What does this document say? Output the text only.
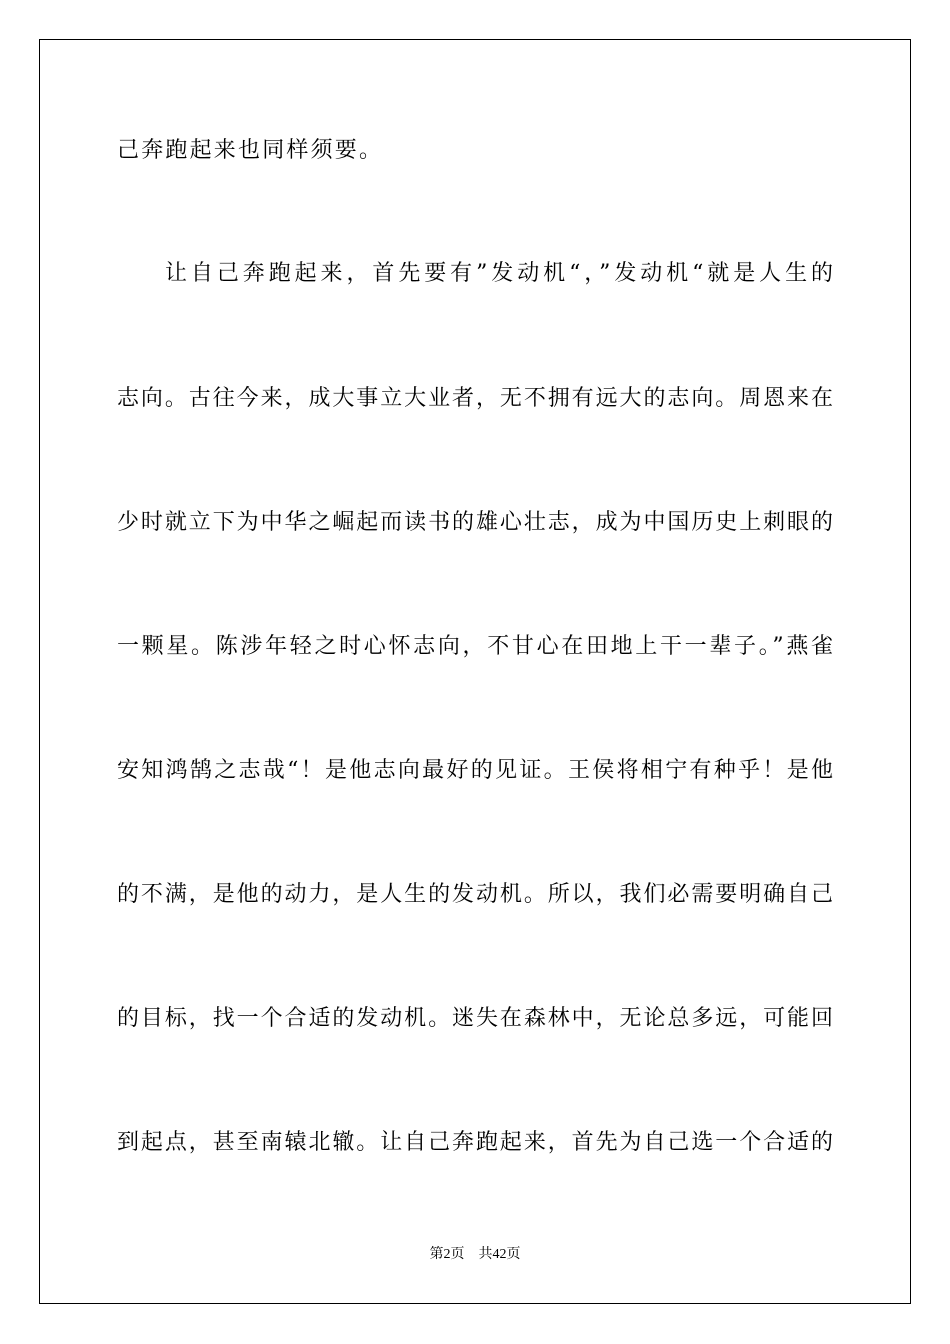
己奔跑起来也同样须要。
让自己奔跑起来，首先要有”发动机“，”发动机“就是人生的
志向。古往今来，成大事立大业者，无不拥有远大的志向。周恩来在
少时就立下为中华之崛起而读书的雄心壮志，成为中国历史上刺眼的
一颗星。陈涉年轻之时心怀志向，不甘心在田地上干一辈子。”燕雀
安知鸿鹄之志哉“！是他志向最好的见证。王侯将相宁有种乎！是他
的不满，是他的动力，是人生的发动机。所以，我们必需要明确自己
的目标，找一个合适的发动机。迷失在森林中，无论总多远，可能回
到起点，甚至南辕北辙。让自己奔跑起来，首先为自己选一个合适的
第2页 共42页
